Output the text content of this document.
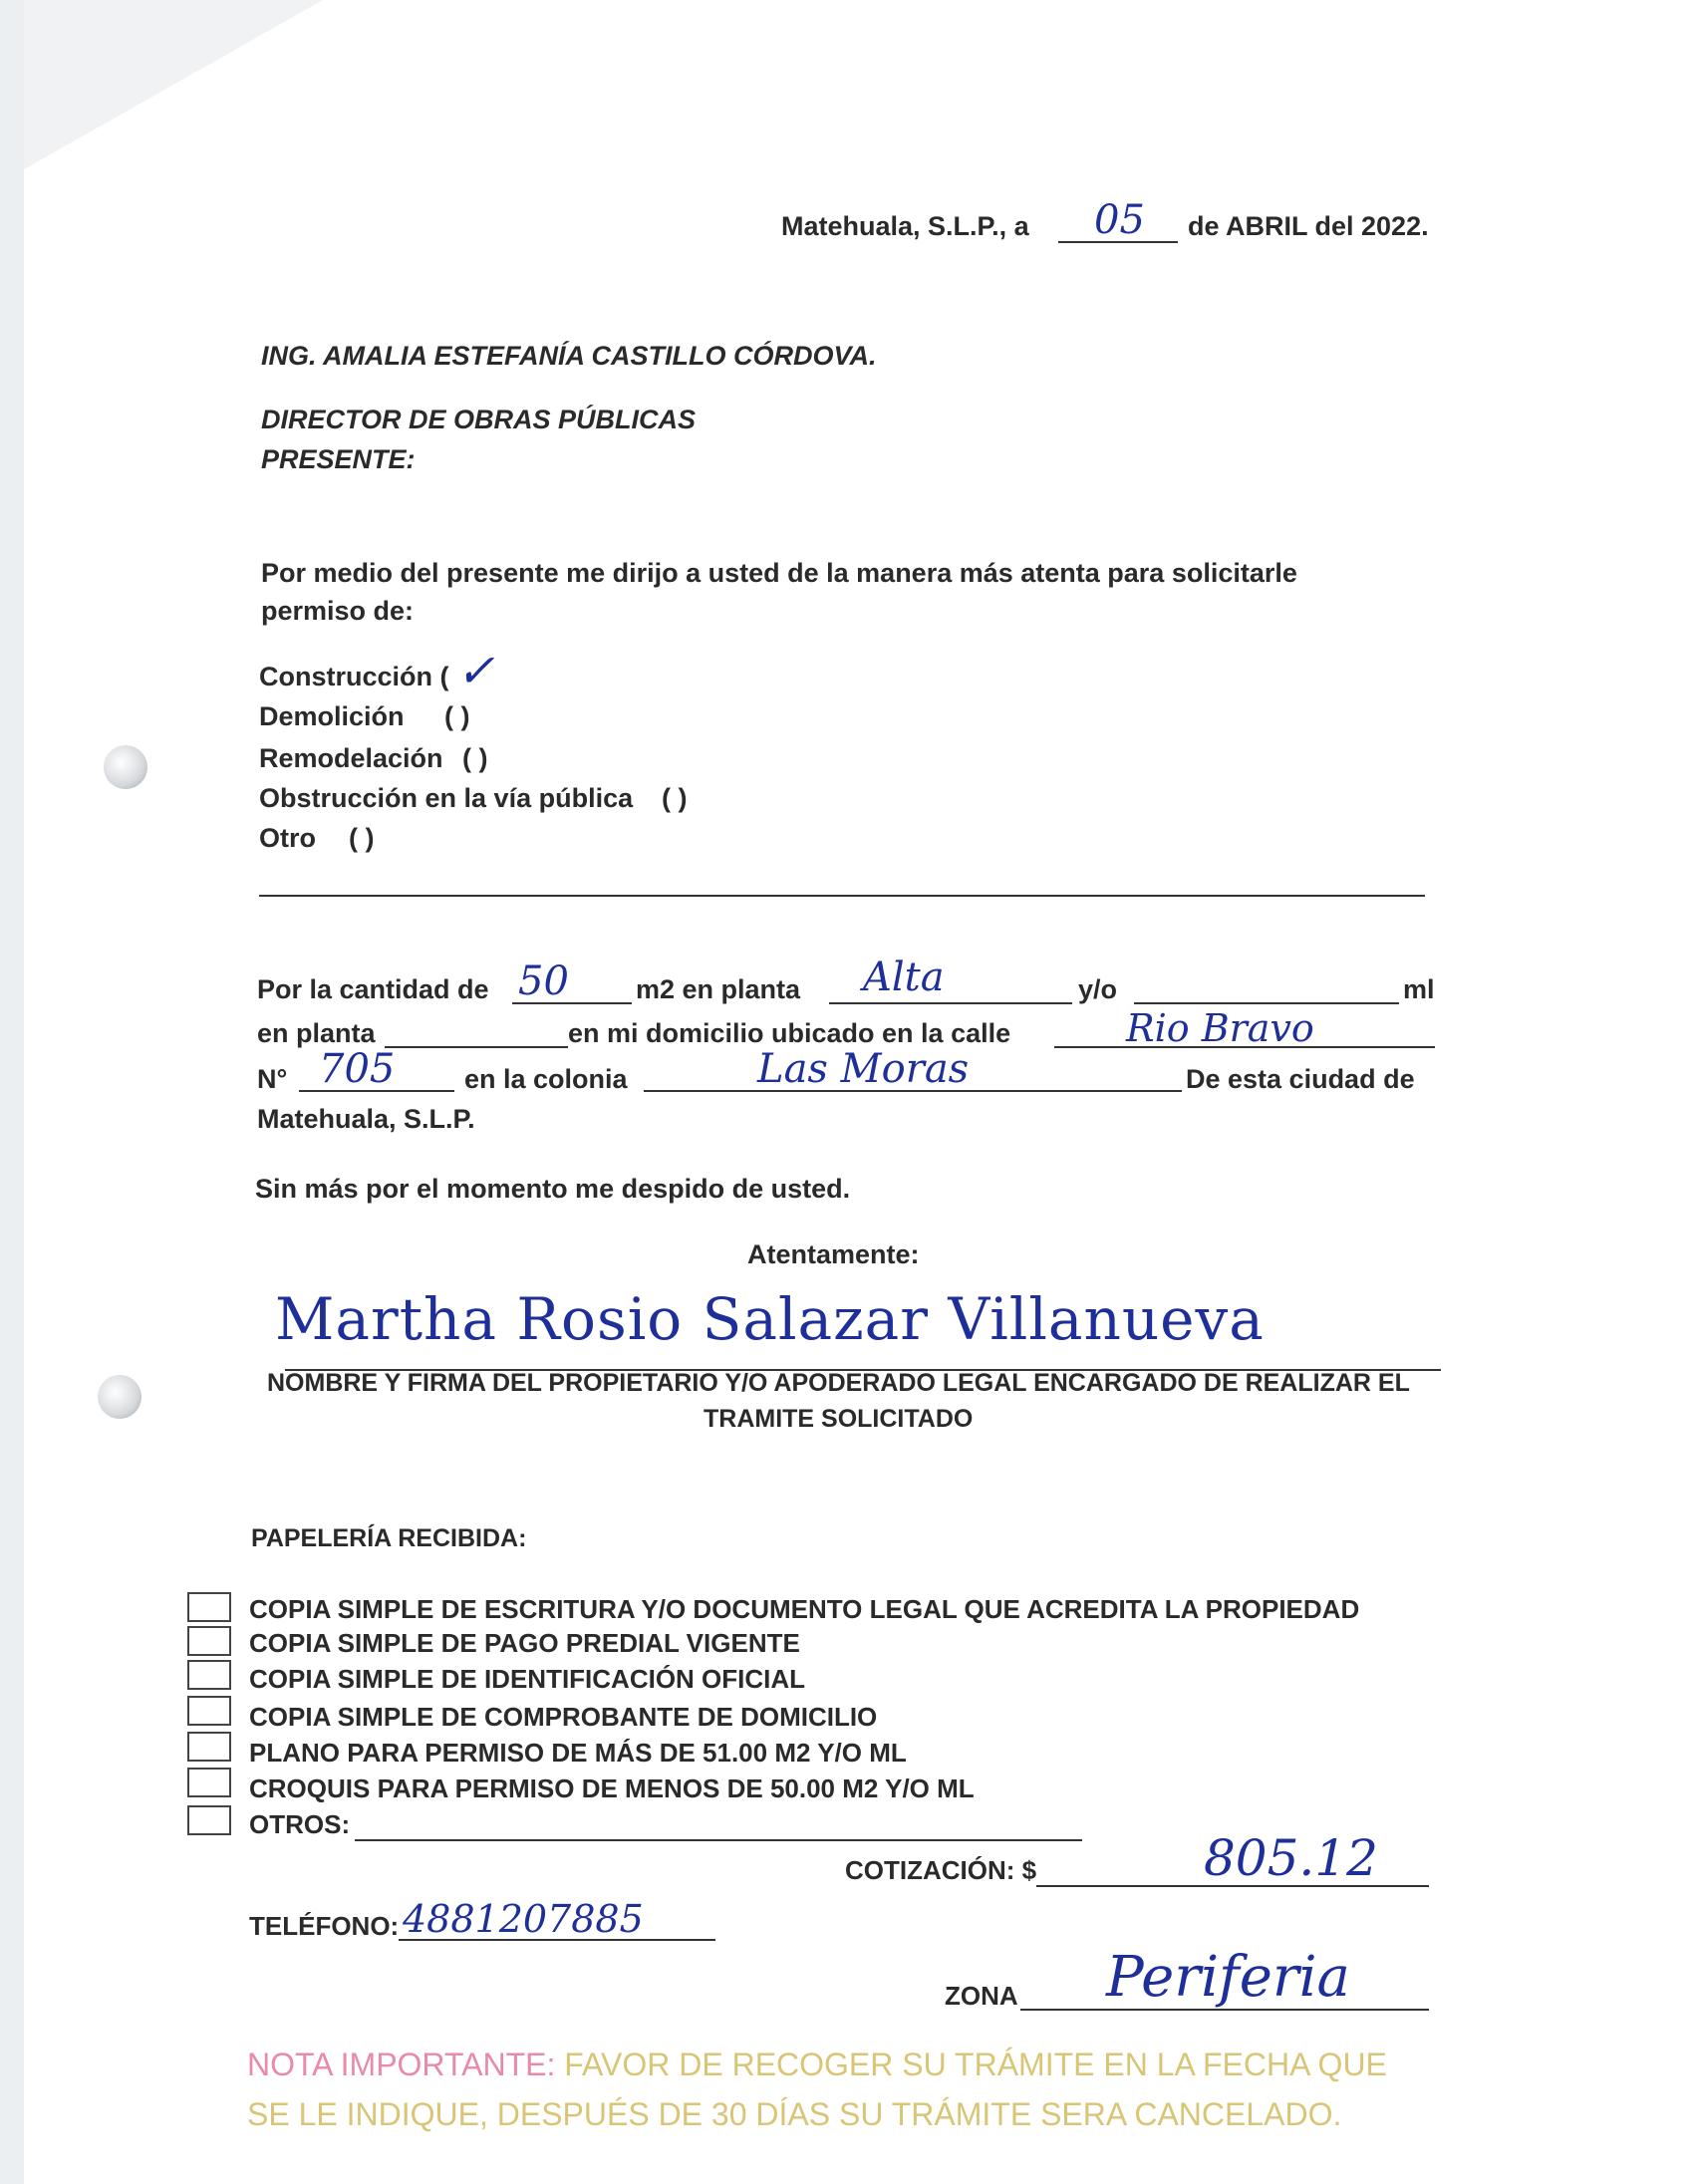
Matehuala, S.L.P., a 05 de ABRIL del 2022.
ING. AMALIA ESTEFANÍA CASTILLO CÓRDOVA.
DIRECTOR DE OBRAS PÚBLICAS
PRESENTE:
Por medio del presente me dirijo a usted de la manera más atenta para solicitarle
permiso de:
Construcción ( ✓
Demolición ( )
Remodelación ( )
Obstrucción en la vía pública ( )
Otro ( )
Por la cantidad de 50 m2 en planta Alta	y/o	ml
en planta	en mi domicilio ubicado en la calle	Rio Bravo
N° 705	en la colonia	Las Moras	De esta ciudad de
Matehuala, S.L.P.
Sin más por el momento me despido de usted.
Atentamente:
Martha Rosio Salazar Villanueva
NOMBRE Y FIRMA DEL PROPIETARIO Y/O APODERADO LEGAL ENCARGADO DE REALIZAR EL
TRAMITE SOLICITADO
PAPELERÍA RECIBIDA:
COPIA SIMPLE DE ESCRITURA Y/O DOCUMENTO LEGAL QUE ACREDITA LA PROPIEDAD
COPIA SIMPLE DE PAGO PREDIAL VIGENTE
COPIA SIMPLE DE IDENTIFICACIÓN OFICIAL
COPIA SIMPLE DE COMPROBANTE DE DOMICILIO
PLANO PARA PERMISO DE MÁS DE 51.00 M2 Y/O ML
CROQUIS PARA PERMISO DE MENOS DE 50.00 M2 Y/O ML
OTROS:
COTIZACIÓN: $	805.12
TELÉFONO: 4881207885
ZONA Periferia
NOTA IMPORTANTE: FAVOR DE RECOGER SU TRÁMITE EN LA FECHA QUE
SE LE INDIQUE, DESPUÉS DE 30 DÍAS SU TRÁMITE SERA CANCELADO.
